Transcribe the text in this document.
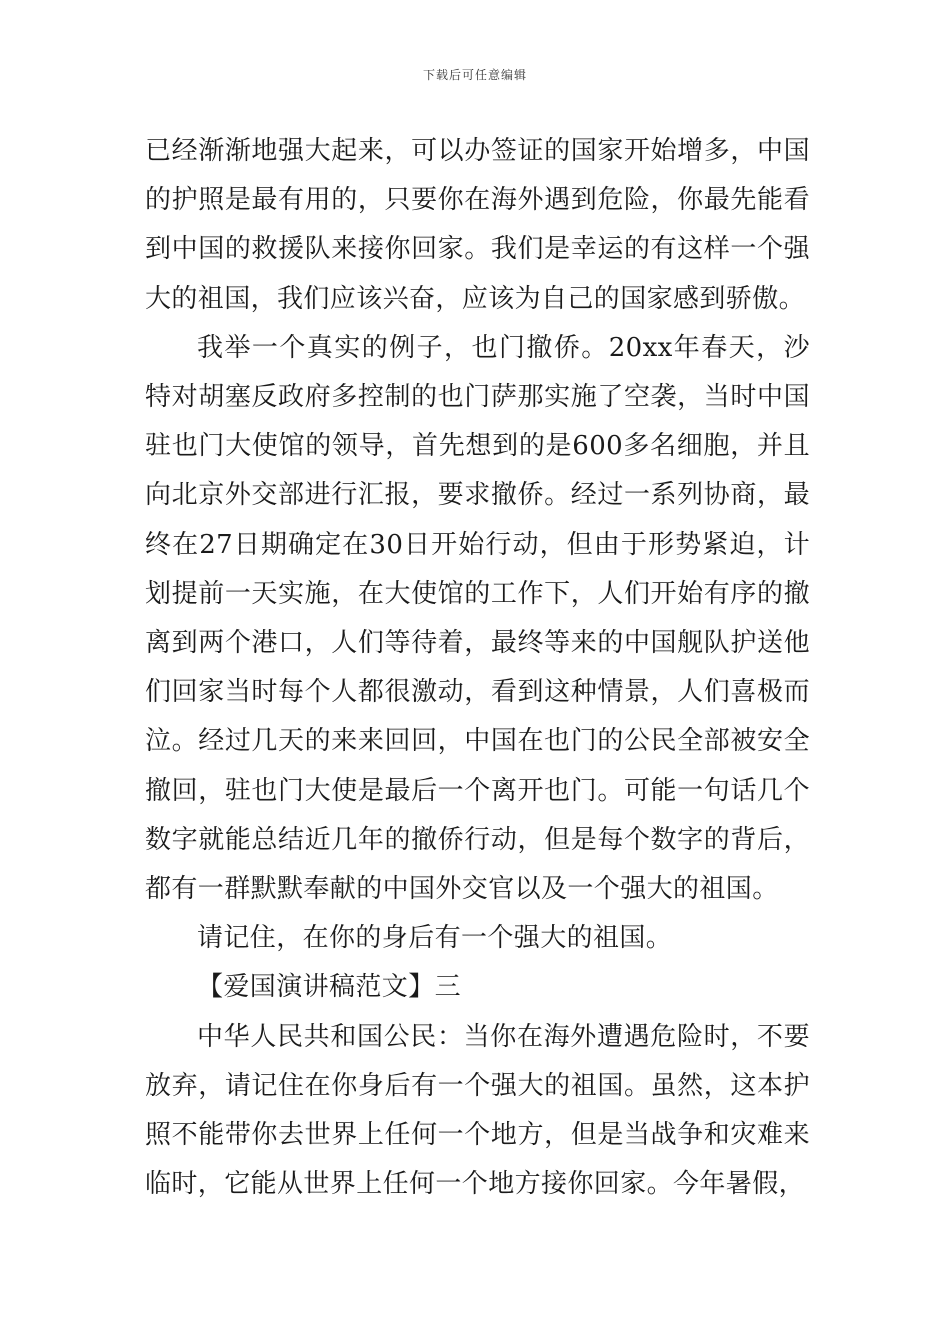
下载后可任意编辑

已经渐渐地强大起来，可以办签证的国家开始增多，中国的护照是最有用的，只要你在海外遇到危险，你最先能看到中国的救援队来接你回家。我们是幸运的有这样一个强大的祖国，我们应该兴奋，应该为自己的国家感到骄傲。

我举一个真实的例子，也门撤侨。20xx年春天，沙特对胡塞反政府多控制的也门萨那实施了空袭，当时中国驻也门大使馆的领导，首先想到的是600多名细胞，并且向北京外交部进行汇报，要求撤侨。经过一系列协商，最终在27日期确定在30日开始行动，但由于形势紧迫，计划提前一天实施，在大使馆的工作下，人们开始有序的撤离到两个港口，人们等待着，最终等来的中国舰队护送他们回家当时每个人都很激动，看到这种情景，人们喜极而泣。经过几天的来来回回，中国在也门的公民全部被安全撤回，驻也门大使是最后一个离开也门。可能一句话几个数字就能总结近几年的撤侨行动，但是每个数字的背后，都有一群默默奉献的中国外交官以及一个强大的祖国。

请记住，在你的身后有一个强大的祖国。

【爱国演讲稿范文】三

中华人民共和国公民：当你在海外遭遇危险时，不要放弃，请记住在你身后有一个强大的祖国。虽然，这本护照不能带你去世界上任何一个地方，但是当战争和灾难来临时，它能从世界上任何一个地方接你回家。今年暑假，
